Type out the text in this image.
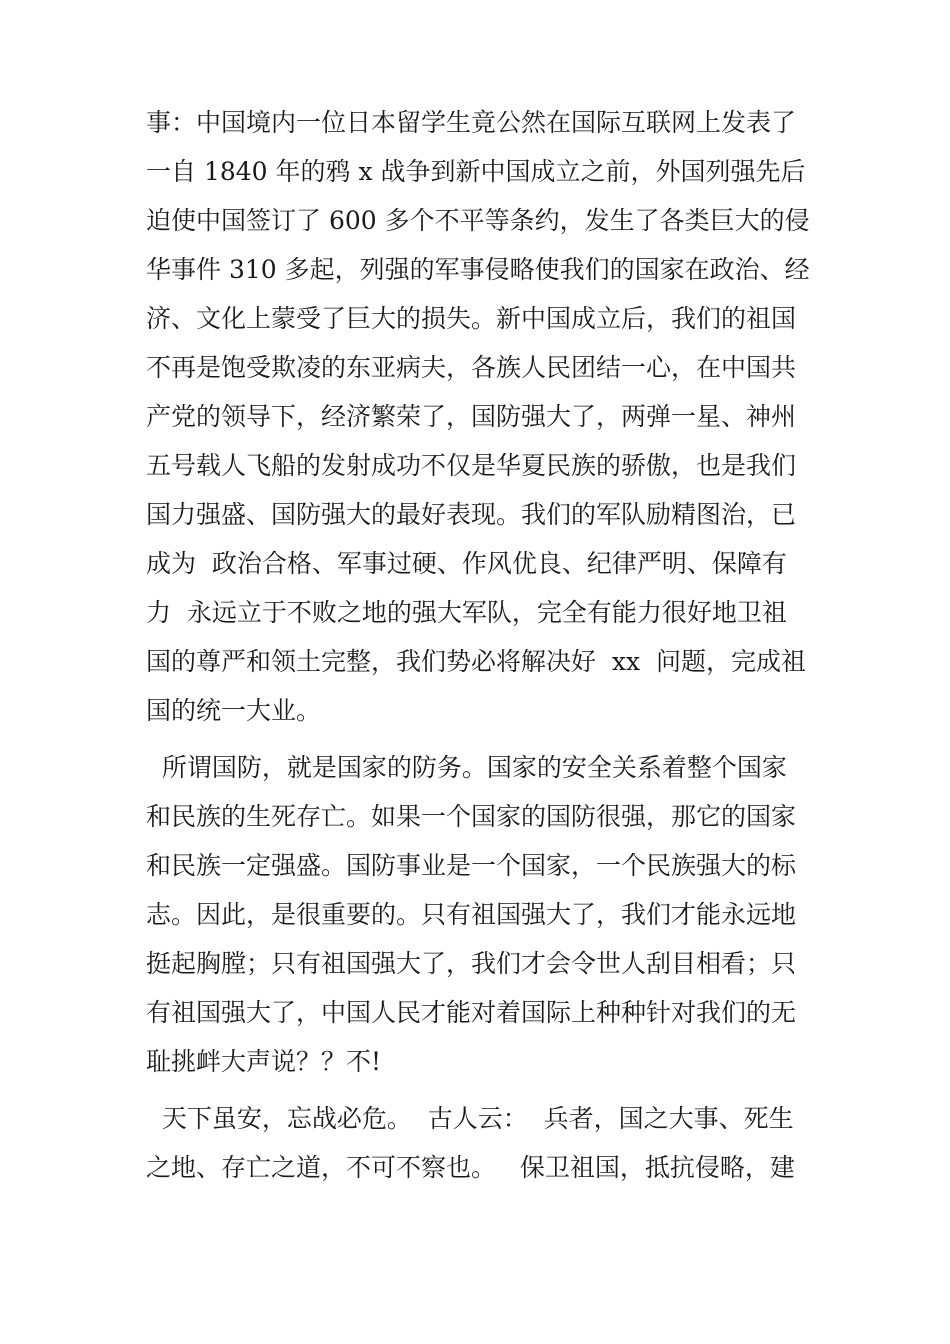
事：中国境内一位日本留学生竟公然在国际互联网上发表了
一自 1840 年的鸦 x 战争到新中国成立之前，外国列强先后
迫使中国签订了 600 多个不平等条约，发生了各类巨大的侵
华事件 310 多起，列强的军事侵略使我们的国家在政治、经
济、文化上蒙受了巨大的损失。新中国成立后，我们的祖国
不再是饱受欺凌的东亚病夫，各族人民团结一心，在中国共
产党的领导下，经济繁荣了，国防强大了，两弹一星、神州
五号载人飞船的发射成功不仅是华夏民族的骄傲，也是我们
国力强盛、国防强大的最好表现。我们的军队励精图治，已
成为  政治合格、军事过硬、作风优良、纪律严明、保障有
力  永远立于不败之地的强大军队，完全有能力很好地卫祖
国的尊严和领土完整，我们势必将解决好  xx  问题，完成祖
国的统一大业。
所谓国防，就是国家的防务。国家的安全关系着整个国家
和民族的生死存亡。如果一个国家的国防很强，那它的国家
和民族一定强盛。国防事业是一个国家，一个民族强大的标
志。因此，是很重要的。只有祖国强大了，我们才能永远地
挺起胸膛；只有祖国强大了，我们才会令世人刮目相看；只
有祖国强大了，中国人民才能对着国际上种种针对我们的无
耻挑衅大声说？？不!
天下虽安，忘战必危。  古人云：  兵者，国之大事、死生
之地、存亡之道，不可不察也。   保卫祖国，抵抗侵略，建
